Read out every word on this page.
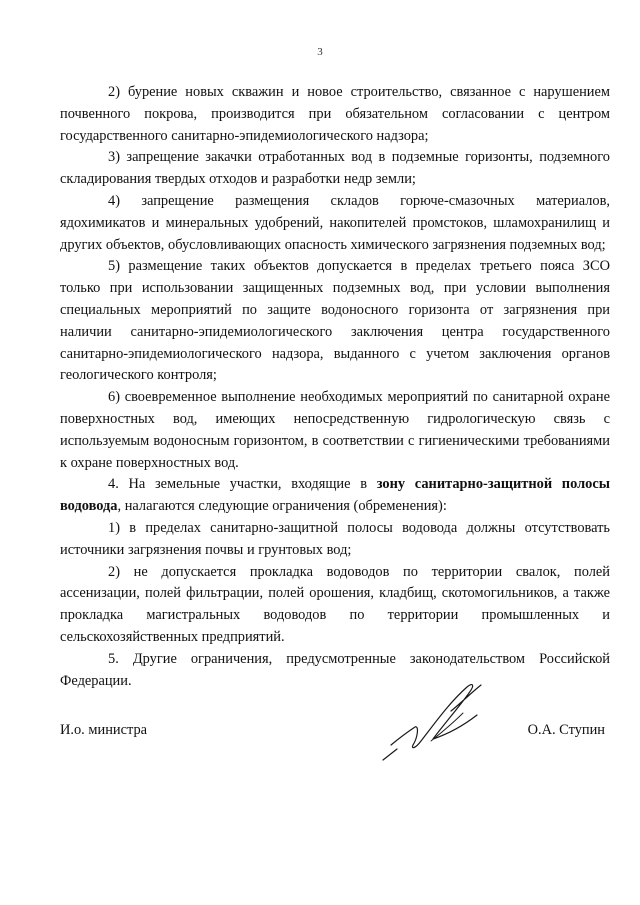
3

2) бурение новых скважин и новое строительство, связанное с нарушением почвенного покрова, производится при обязательном согласовании с центром государственного санитарно-эпидемиологического надзора;

3) запрещение закачки отработанных вод в подземные горизонты, подземного складирования твердых отходов и разработки недр земли;

4) запрещение размещения складов горюче-смазочных материалов, ядохимикатов и минеральных удобрений, накопителей промстоков, шламохранилищ и других объектов, обусловливающих опасность химического загрязнения подземных вод;

5) размещение таких объектов допускается в пределах третьего пояса ЗСО только при использовании защищенных подземных вод, при условии выполнения специальных мероприятий по защите водоносного горизонта от загрязнения при наличии санитарно-эпидемиологического заключения центра государственного санитарно-эпидемиологического надзора, выданного с учетом заключения органов геологического контроля;

6) своевременное выполнение необходимых мероприятий по санитарной охране поверхностных вод, имеющих непосредственную гидрологическую связь с используемым водоносным горизонтом, в соответствии с гигиеническими требованиями к охране поверхностных вод.

4. На земельные участки, входящие в зону санитарно-защитной полосы водовода, налагаются следующие ограничения (обременения):

1) в пределах санитарно-защитной полосы водовода должны отсутствовать источники загрязнения почвы и грунтовых вод;

2) не допускается прокладка водоводов по территории свалок, полей ассенизации, полей фильтрации, полей орошения, кладбищ, скотомогильников, а также прокладка магистральных водоводов по территории промышленных и сельскохозяйственных предприятий.

5. Другие ограничения, предусмотренные законодательством Российской Федерации.

И.о. министра	О.А. Ступин
